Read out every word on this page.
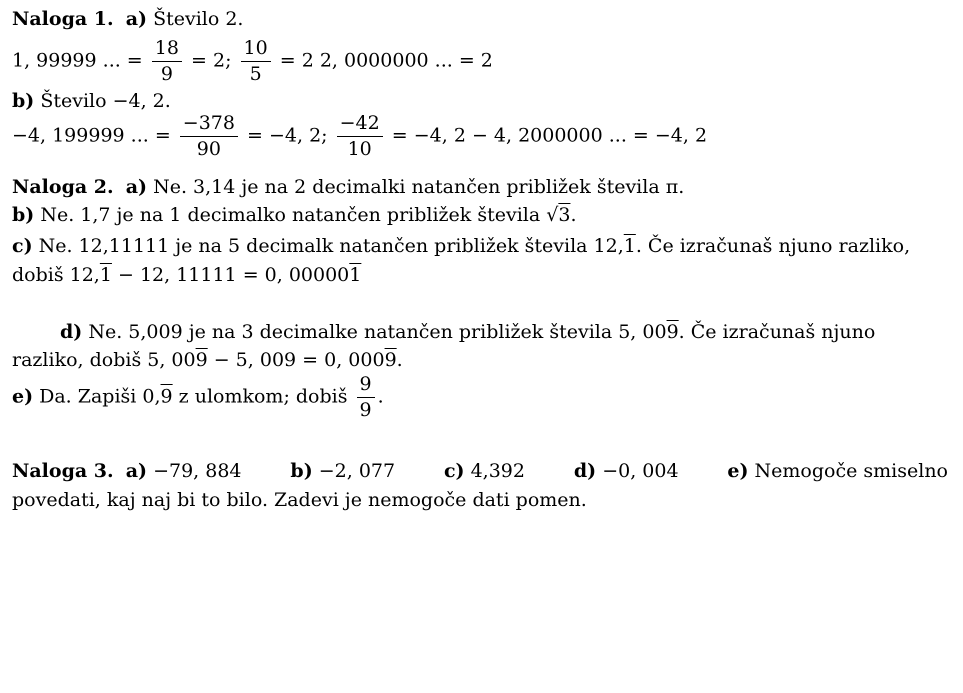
Naloga 1. a) Število 2.
1, 99999 ... = $\frac{18}{9} = 2$; $\frac{10}{5} = 2$ 2, 0000000 ... = 2
b) Število −4, 2.
−4, 199999 ... = $\frac{-378}{90} = -4$, 2; $\frac{-42}{10} = -4$, 2 − 4, 2000000 ... = −4, 2
Naloga 2. a) Ne. 3,14 je na 2 decimalki natančen približek števila π.
b) Ne. 1,7 je na 1 decimalko natančen približek števila √3.
c) Ne. 12,11111 je na 5 decimalk natančen približek števila 12,1. Če izračunaš njuno razliko,
dobiš 12,1 − 12, 11111 = 0, 000001
d) Ne. 5,009 je na 3 decimalke natančen približek števila 5, 009. Če izračunaš njuno
razliko, dobiš 5, 009 − 5, 009 = 0, 0009.
e) Da. Zapiši 0,9 z ulomkom; dobiš $\frac{9}{9}$ .
Naloga 3. a) −79, 884	b) −2, 077	c) 4,392	d) −0, 004	e) Nemogoče smiselno
povedati, kaj naj bi to bilo. Zadevi je nemogoče dati pomen.
